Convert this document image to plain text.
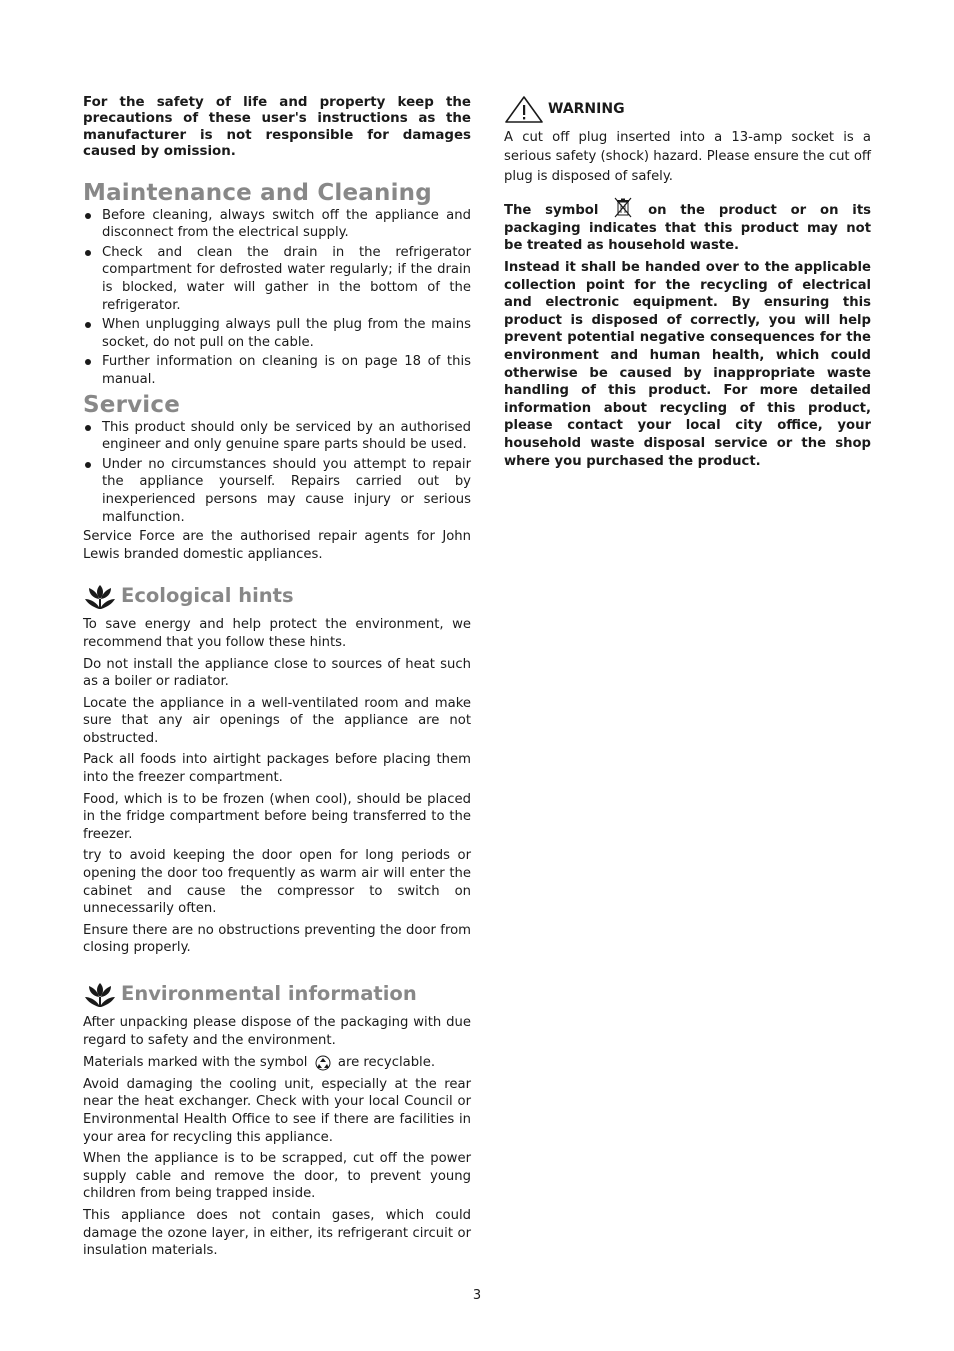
For the safety of life and property keep the precautions of these user's instructions as the manufacturer is not responsible for damages caused by omission.

Maintenance and Cleaning

Before cleaning, always switch off the appliance and disconnect from the electrical supply.

Check and clean the drain in the refrigerator compartment for defrosted water regularly; if the drain is blocked, water will gather in the bottom of the refrigerator.

When unplugging always pull the plug from the mains socket, do not pull on the cable.

Further information on cleaning is on page 18 of this manual.

Service

This product should only be serviced by an authorised engineer and only genuine spare parts should be used.

Under no circumstances should you attempt to repair the appliance yourself. Repairs carried out by inexperienced persons may cause injury or serious malfunction.

Service Force are the authorised repair agents for John Lewis branded domestic appliances.

Ecological hints

To save energy and help protect the environment, we recommend that you follow these hints.

Do not install the appliance close to sources of heat such as a boiler or radiator.

Locate the appliance in a well-ventilated room and make sure that any air openings of the appliance are not obstructed.

Pack all foods into airtight packages before placing them into the freezer compartment.

Food, which is to be frozen (when cool), should be placed in the fridge compartment before being transferred to the freezer.

try to avoid keeping the door open for long periods or opening the door too frequently as warm air will enter the cabinet and cause the compressor to switch on unnecessarily often.

Ensure there are no obstructions preventing the door from closing properly.

Environmental information

After unpacking please dispose of the packaging with due regard to safety and the environment.

Materials marked with the symbol are recyclable.

Avoid damaging the cooling unit, especially at the rear near the heat exchanger. Check with your local Council or Environmental Health Office to see if there are facilities in your area for recycling this appliance.

When the appliance is to be scrapped, cut off the power supply cable and remove the door, to prevent young children from being trapped inside.

This appliance does not contain gases, which could damage the ozone layer, in either, its refrigerant circuit or insulation materials.

WARNING

A cut off plug inserted into a 13-amp socket is a serious safety (shock) hazard. Please ensure the cut off plug is disposed of safely.

The symbol	on the product or on its packaging indicates that this product may not be treated as household waste.

Instead it shall be handed over to the applicable collection point for the recycling of electrical and electronic equipment. By ensuring this product is disposed of correctly, you will help prevent potential negative consequences for the environment and human health, which could otherwise be caused by inappropriate waste handling of this product. For more detailed information about recycling of this product, please contact your local city office, your household waste disposal service or the shop where you purchased the product.

3
